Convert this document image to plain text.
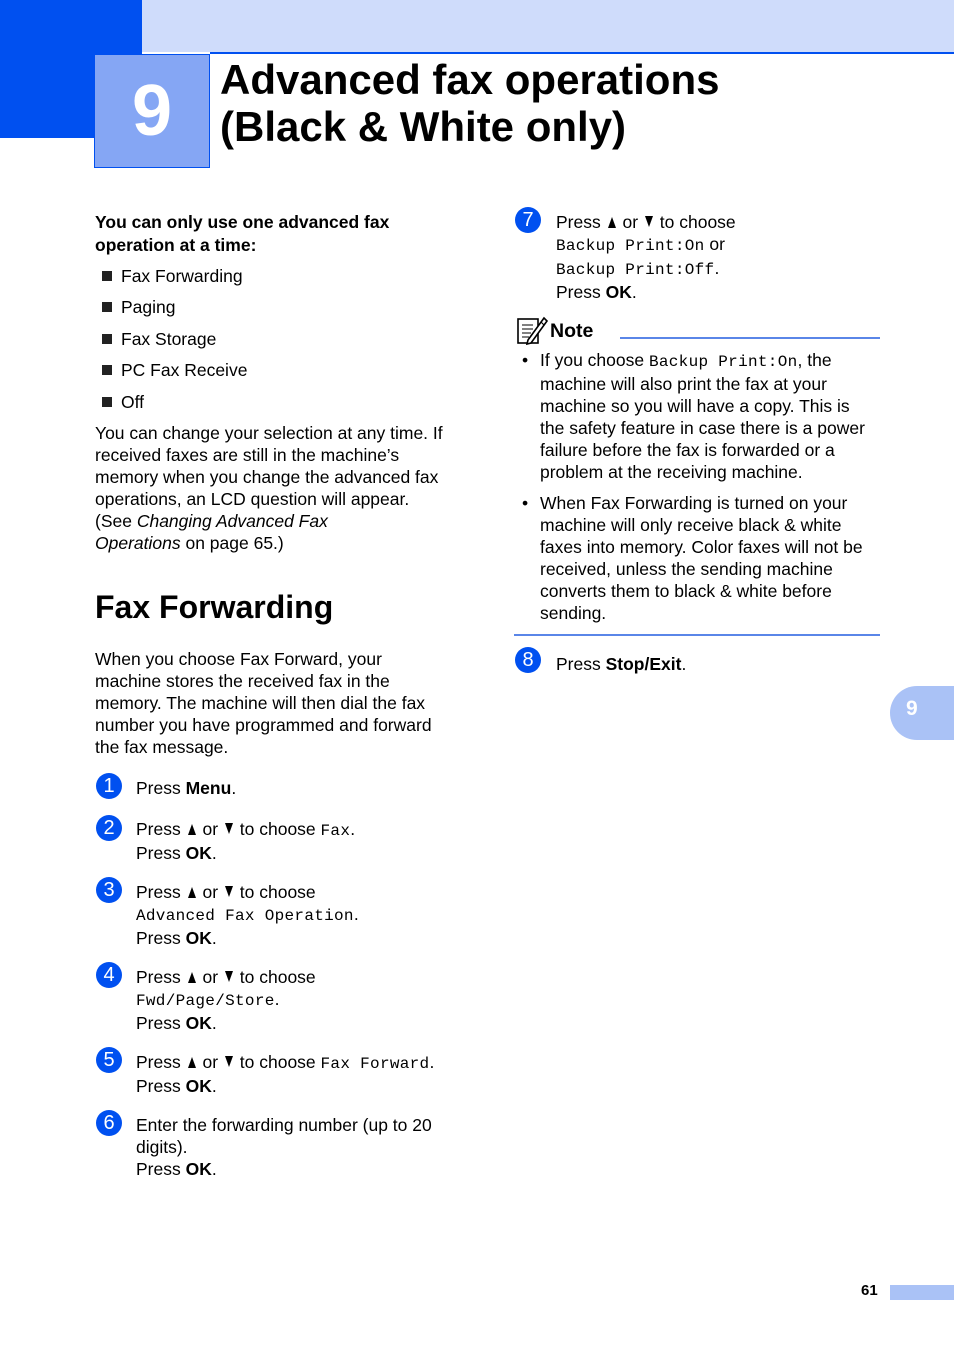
9	Advanced fax operations
(Black & White only)
You can only use one advanced fax operation at a time:
Fax Forwarding
Paging
Fax Storage
PC Fax Receive
Off
You can change your selection at any time. If
received faxes are still in the machine’s
memory when you change the advanced fax
operations, an LCD question will appear.
(See Changing Advanced Fax
Operations on page 65.)
Fax Forwarding
When you choose Fax Forward, your
machine stores the received fax in the
memory. The machine will then dial the fax
number you have programmed and forward
the fax message.
1	Press Menu.
2	Press  or  to choose Fax.
Press OK.
3	Press  or  to choose
Advanced Fax Operation.
Press OK.
4	Press  or  to choose
Fwd/Page/Store.
Press OK.
5	Press  or  to choose Fax Forward.
Press OK.
6	Enter the forwarding number (up to 20
digits).
Press OK.
7	Press  or  to choose
Backup Print:On or
Backup Print:Off.
Press OK.
Note
• If you choose Backup Print:On, the
machine will also print the fax at your
machine so you will have a copy. This is
the safety feature in case there is a power
failure before the fax is forwarded or a
problem at the receiving machine.
• When Fax Forwarding is turned on your
machine will only receive black & white
faxes into memory. Color faxes will not be
received, unless the sending machine
converts them to black & white before
sending.
8	Press Stop/Exit.
9
61
